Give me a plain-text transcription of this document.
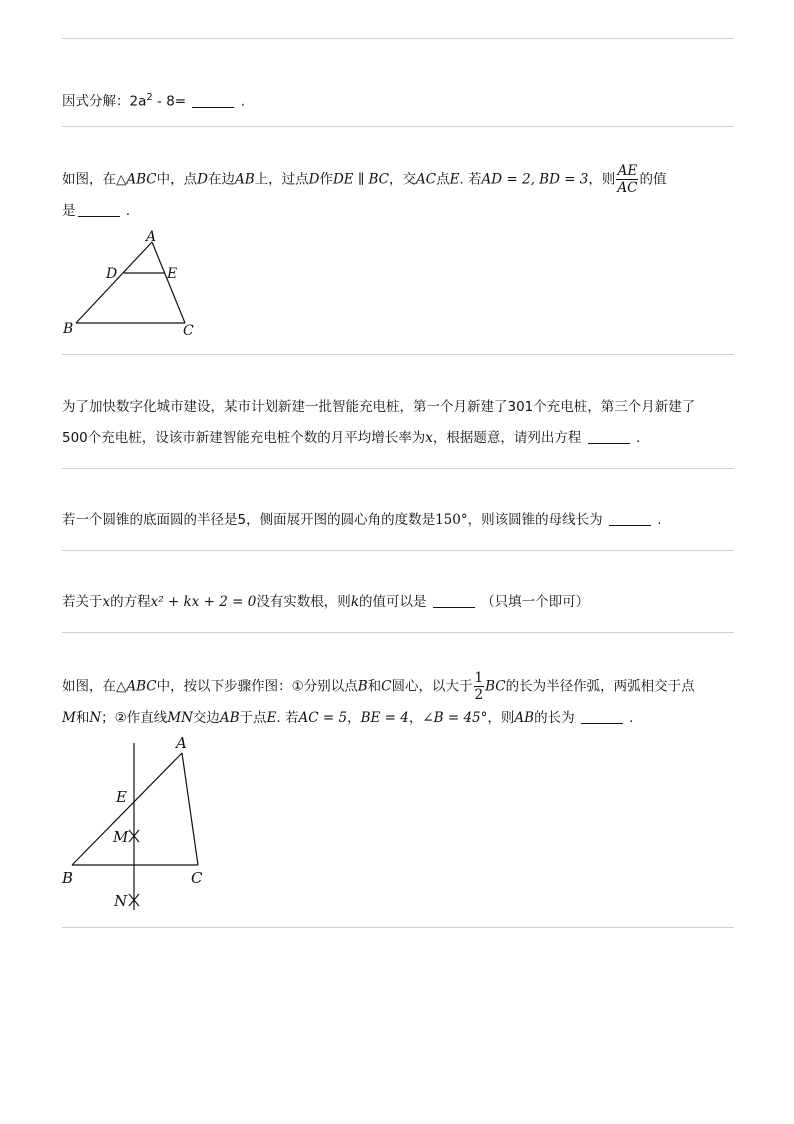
因式分解：$2a^2 - 8=$	.
如图，在△ABC中，点D在边AB上，过点D作DE ∥ BC，交AC点E. 若AD = 2, BD = 3，则 $\frac{AE}{AC}$ 的值
是	.
A
D	E
B	C
为了加快数字化城市建设，某市计划新建一批智能充电桩，第一个月新建了301个充电桩，第三个月新建了
500个充电桩，设该市新建智能充电桩个数的月平均增长率为x，根据题意，请列出方程	.
若一个圆锥的底面圆的半径是5，侧面展开图的圆心角的度数是150°，则该圆锥的母线长为	.
若关于x的方程x² + kx + 2 = 0没有实数根，则k的值可以是	（只填一个即可）
如图，在△ABC中，按以下步骤作图：①分别以点B和C圆心，以大于 $\frac{1}{2}$ BC的长为半径作弧，两弧相交于点
M和N；②作直线MN交边AB于点E. 若AC = 5，BE = 4，∠B = 45°，则AB的长为	.
A
E
M
B	C
N
